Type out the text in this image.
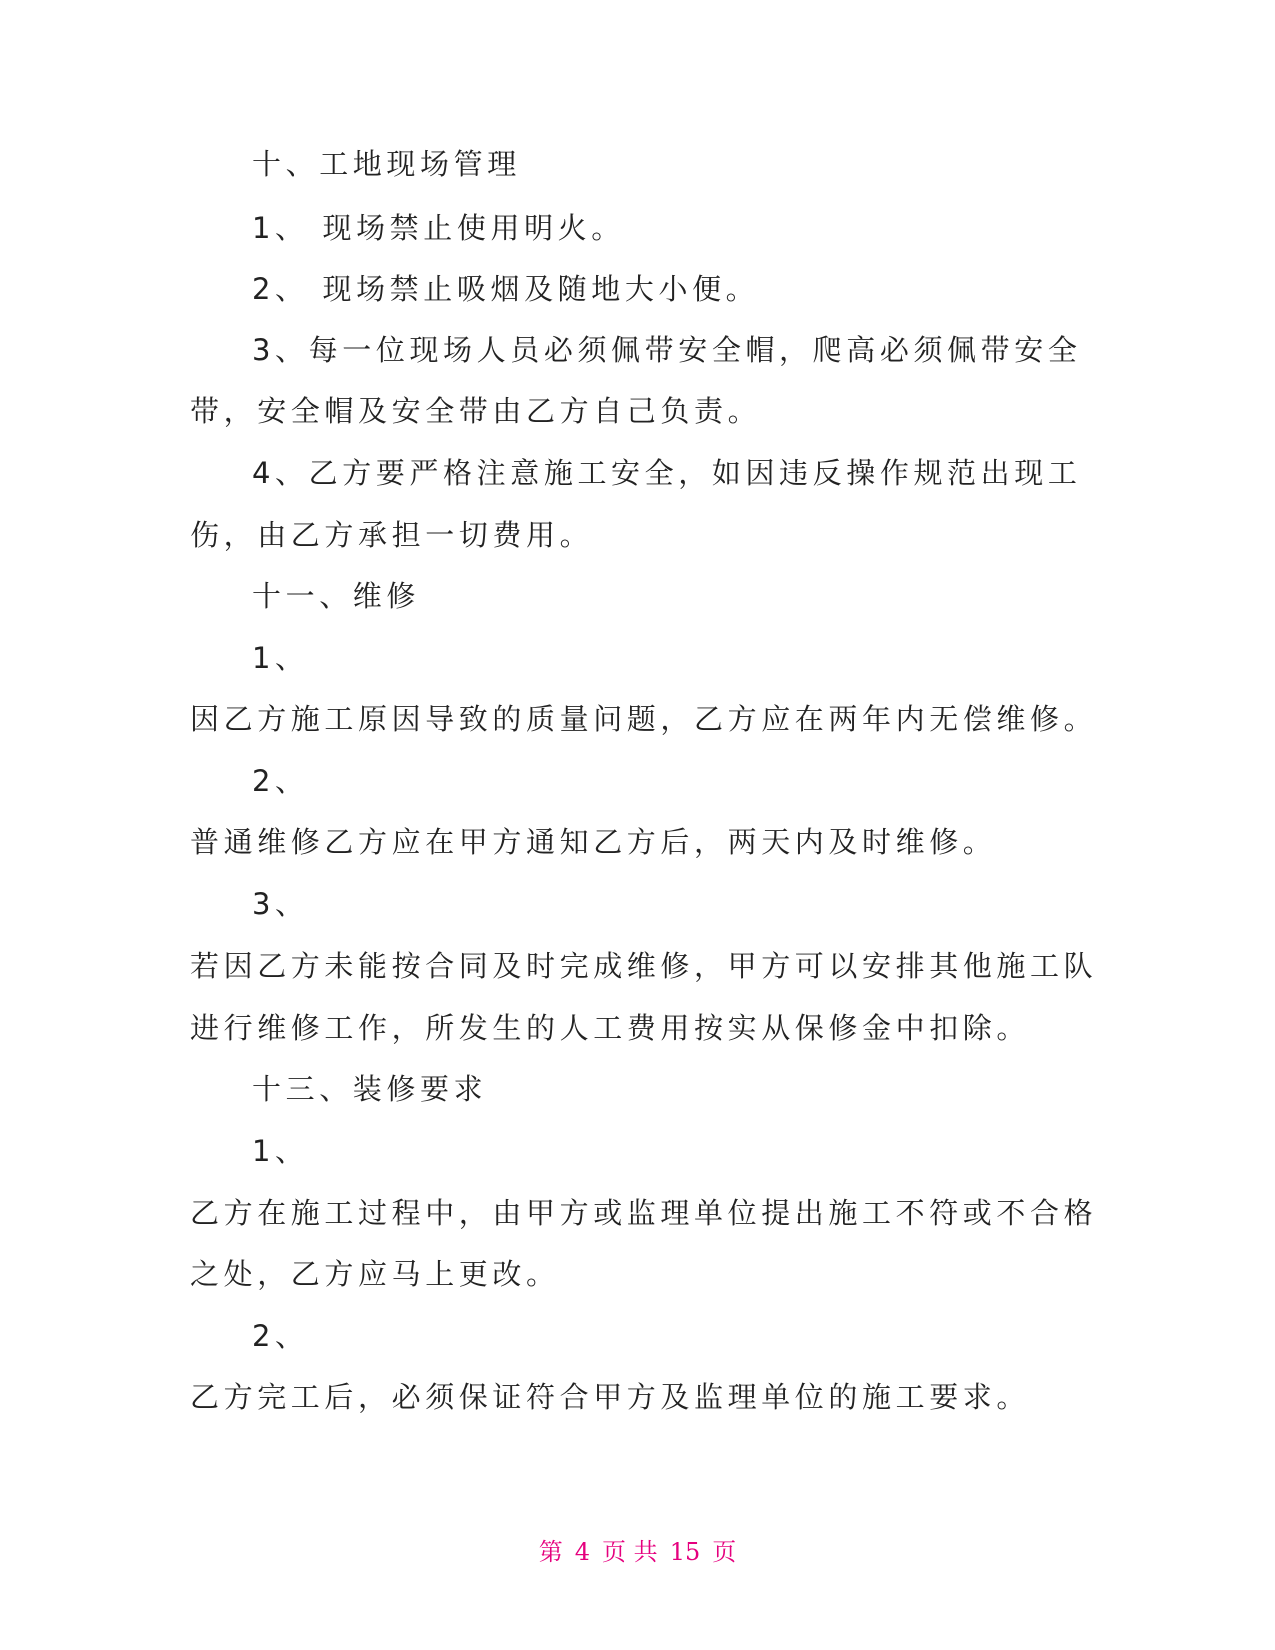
十、工地现场管理

1、 现场禁止使用明火。

2、 现场禁止吸烟及随地大小便。

3、每一位现场人员必须佩带安全帽，爬高必须佩带安全

带，安全帽及安全带由乙方自己负责。

4、乙方要严格注意施工安全，如因违反操作规范出现工

伤，由乙方承担一切费用。

十一、维修

1、

因乙方施工原因导致的质量问题，乙方应在两年内无偿维修。

2、

普通维修乙方应在甲方通知乙方后，两天内及时维修。

3、

若因乙方未能按合同及时完成维修，甲方可以安排其他施工队

进行维修工作，所发生的人工费用按实从保修金中扣除。

十三、装修要求

1、

乙方在施工过程中，由甲方或监理单位提出施工不符或不合格

之处，乙方应马上更改。

2、

乙方完工后，必须保证符合甲方及监理单位的施工要求。

第 4 页 共 15 页
